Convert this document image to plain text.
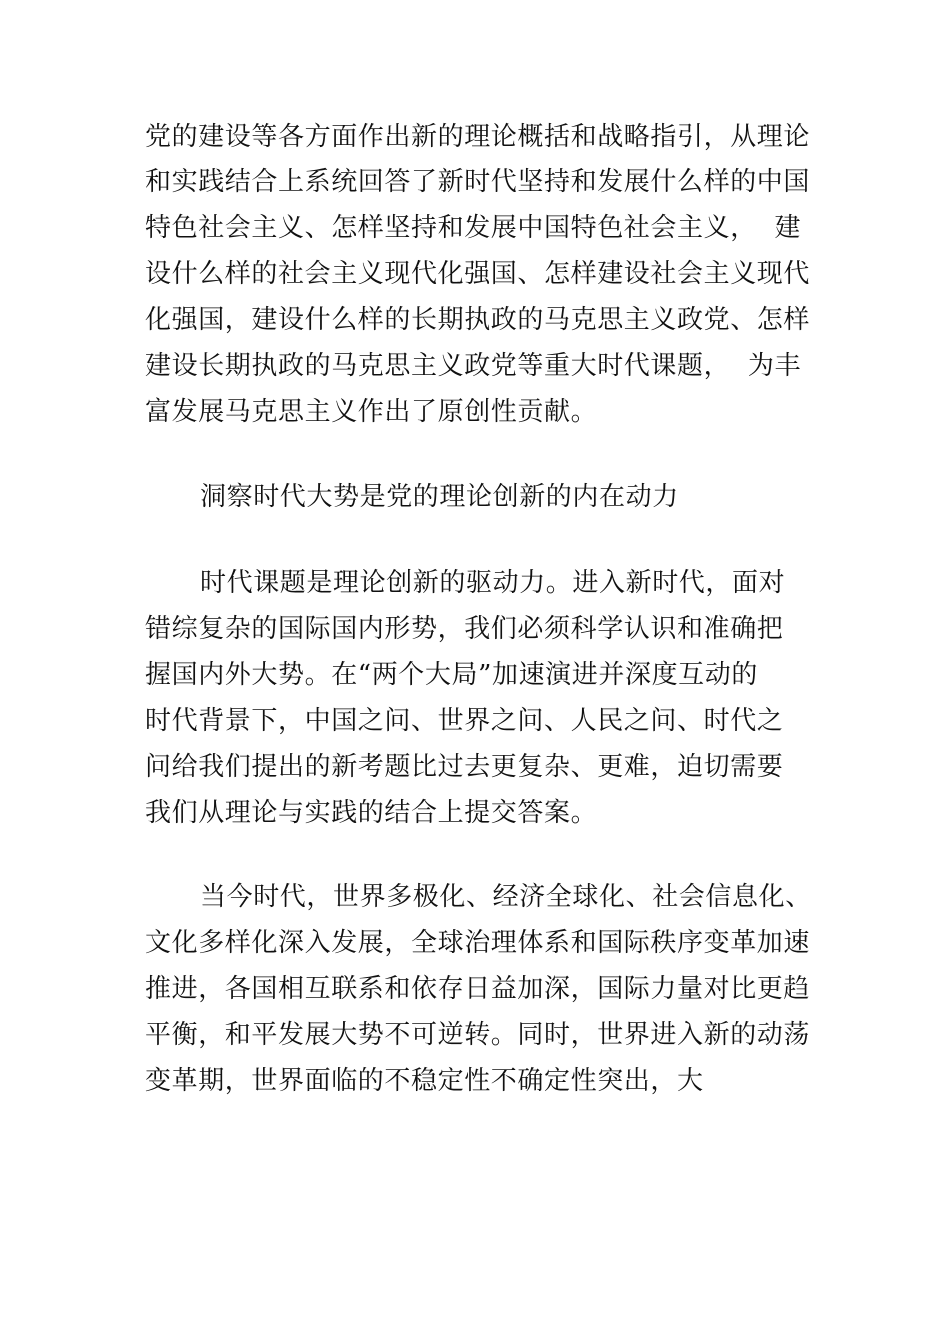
党的建设等各方面作出新的理论概括和战略指引，从理论
和实践结合上系统回答了新时代坚持和发展什么样的中国
特色社会主义、怎样坚持和发展中国特色社会主义，  建
设什么样的社会主义现代化强国、怎样建设社会主义现代
化强国，建设什么样的长期执政的马克思主义政党、怎样
建设长期执政的马克思主义政党等重大时代课题，  为丰
富发展马克思主义作出了原创性贡献。
洞察时代大势是党的理论创新的内在动力
时代课题是理论创新的驱动力。进入新时代，面对
错综复杂的国际国内形势，我们必须科学认识和准确把
握国内外大势。在“两个大局”加速演进并深度互动的
时代背景下，中国之问、世界之问、人民之问、时代之
问给我们提出的新考题比过去更复杂、更难，迫切需要
我们从理论与实践的结合上提交答案。
当今时代，世界多极化、经济全球化、社会信息化、
文化多样化深入发展，全球治理体系和国际秩序变革加速
推进，各国相互联系和依存日益加深，国际力量对比更趋
平衡，和平发展大势不可逆转。同时，世界进入新的动荡
变革期，世界面临的不稳定性不确定性突出，大
